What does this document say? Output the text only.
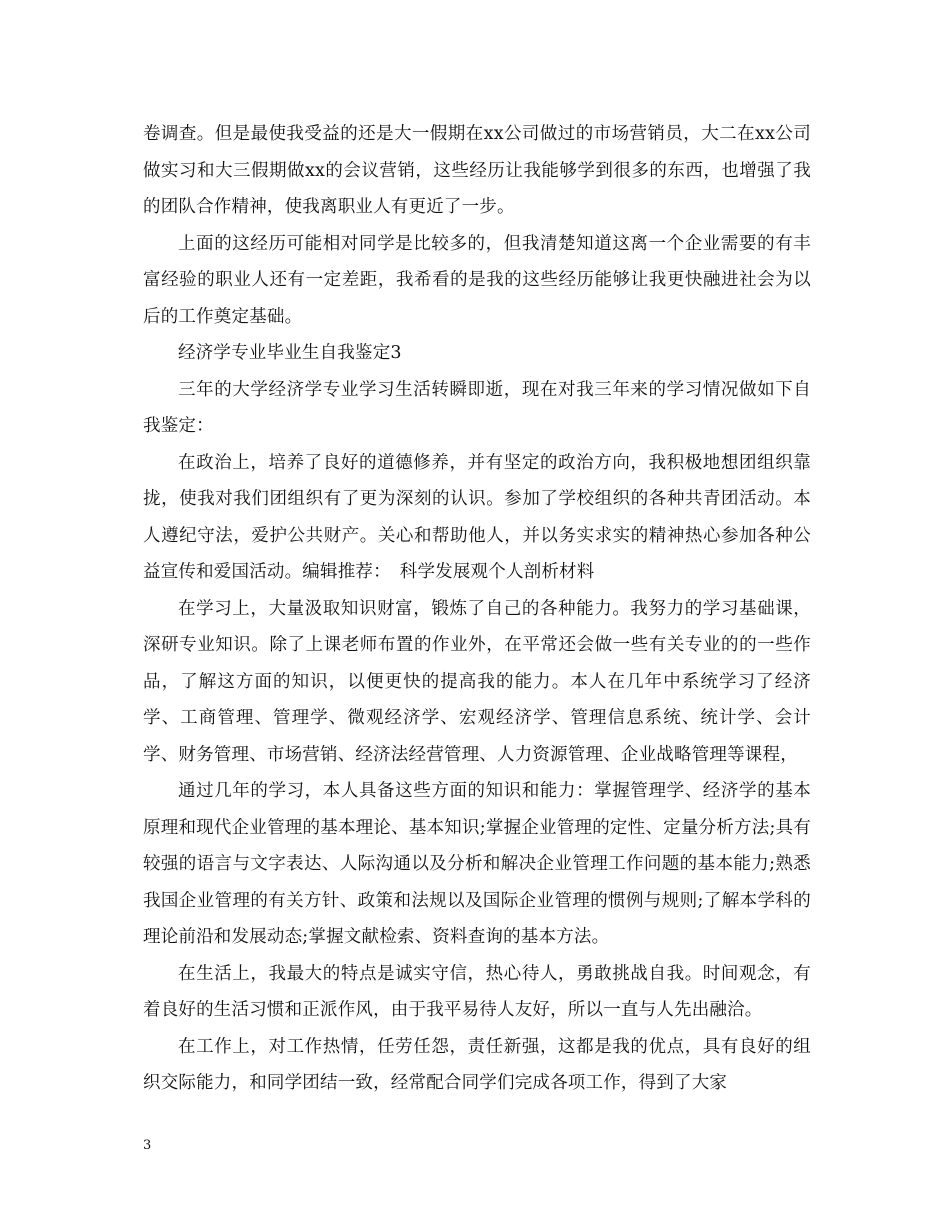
卷调查。但是最使我受益的还是大一假期在xx公司做过的市场营销员，大二在xx公司做实习和大三假期做xx的会议营销，这些经历让我能够学到很多的东西，也增强了我的团队合作精神，使我离职业人有更近了一步。

上面的这经历可能相对同学是比较多的，但我清楚知道这离一个企业需要的有丰富经验的职业人还有一定差距，我希看的是我的这些经历能够让我更快融进社会为以后的工作奠定基础。

经济学专业毕业生自我鉴定3

三年的大学经济学专业学习生活转瞬即逝，现在对我三年来的学习情况做如下自我鉴定：

在政治上，培养了良好的道德修养，并有坚定的政治方向，我积极地想团组织靠拢，使我对我们团组织有了更为深刻的认识。参加了学校组织的各种共青团活动。本人遵纪守法，爱护公共财产。关心和帮助他人，并以务实求实的精神热心参加各种公益宣传和爱国活动。编辑推荐：　科学发展观个人剖析材料

在学习上，大量汲取知识财富，锻炼了自己的各种能力。我努力的学习基础课，深研专业知识。除了上课老师布置的作业外，在平常还会做一些有关专业的的一些作品，了解这方面的知识，以便更快的提高我的能力。本人在几年中系统学习了经济学、工商管理、管理学、微观经济学、宏观经济学、管理信息系统、统计学、会计学、财务管理、市场营销、经济法经营管理、人力资源管理、企业战略管理等课程，

通过几年的学习，本人具备这些方面的知识和能力：掌握管理学、经济学的基本原理和现代企业管理的基本理论、基本知识;掌握企业管理的定性、定量分析方法;具有较强的语言与文字表达、人际沟通以及分析和解决企业管理工作问题的基本能力;熟悉我国企业管理的有关方针、政策和法规以及国际企业管理的惯例与规则;了解本学科的理论前沿和发展动态;掌握文献检索、资料查询的基本方法。

在生活上，我最大的特点是诚实守信，热心待人，勇敢挑战自我。时间观念，有着良好的生活习惯和正派作风，由于我平易待人友好，所以一直与人先出融洽。

在工作上，对工作热情，任劳任怨，责任新强，这都是我的优点，具有良好的组织交际能力，和同学团结一致，经常配合同学们完成各项工作，得到了大家

3
